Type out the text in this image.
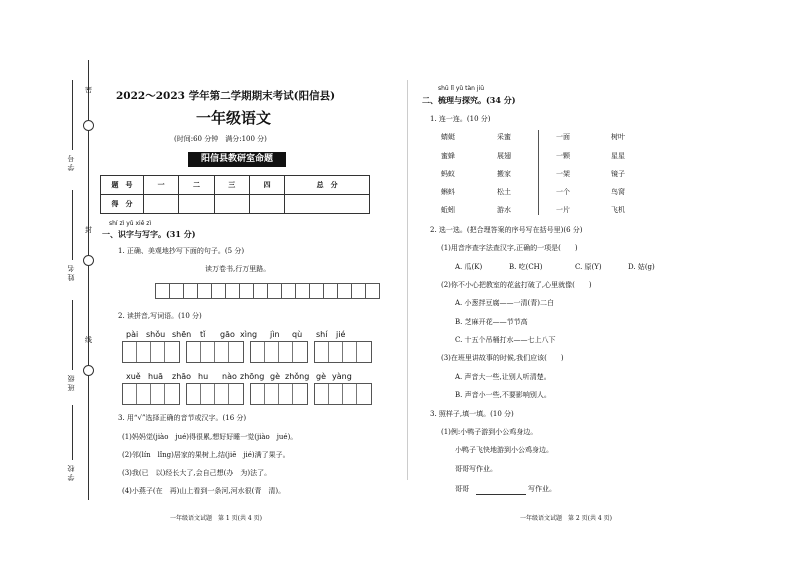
密
封
线
学 号
姓 名
班 级
学 校
2022～2023 学年第二学期期末考试(阳信县)
一年级语文
(时间:60 分钟　满分:100 分)
阳信县教研室命题
题　号	一	二	三	四	总　分
得　分					
shí zì yǔ xiě zì
一、识字与写字。(31 分)
1. 正确、美观地抄写下面的句子。(5 分)
读万卷书,行万里路。
2. 读拼音,写词语。(10 分)
pài shǒu shēn tǐ gāo xìng jìn qù shí jié
xuě huā zhāo hu nào zhōng gè zhǒng gè yàng
3. 用“√”选择正确的音节或汉字。(16 分)
(1)妈妈觉(jiào　jué)得很累,想好好睡一觉(jiào　jué)。
(2)邻(lín　lǐng)居家的果树上,结(jiē　jié)满了果子。
(3)我(已　以)经长大了,会自己想(办　为)法了。
(4)小燕子(在　再)山上看到一条河,河水很(青　清)。
一年级语文试题　第 1 页(共 4 页)
shū lǐ yǔ tàn jiū
二、梳理与探究。(34 分)
1. 连一连。(10 分)
蜻蜓
蜜蜂
蚂蚁
蝌蚪
蚯蚓
采蜜
展翅
搬家
松土
游水
一面
一颗
一架
一个
一片
树叶
星星
镜子
鸟窝
飞机
2. 选一选。(把合理答案的序号写在括号里)(6 分)
(1)用音序查字法查汉字,正确的一项是(　　)
A. 瓜(K)	B. 吃(CH)	C. 原(Y)	D. 姑(g)
(2)你不小心把教室的花盆打破了,心里就像(　　)
A. 小葱拌豆腐——一清(青)二白
B. 芝麻开花——节节高
C. 十五个吊桶打水——七上八下
(3)在班里讲故事的时候,我们应该(　　)
A. 声音大一些,让别人听清楚。
B. 声音小一些,不要影响别人。
3. 照样子,填一填。(10 分)
(1)例:小鸭子游到小公鸡身边。
小鸭子飞快地游到小公鸡身边。
哥哥写作业。
哥哥	写作业。
一年级语文试题　第 2 页(共 4 页)
